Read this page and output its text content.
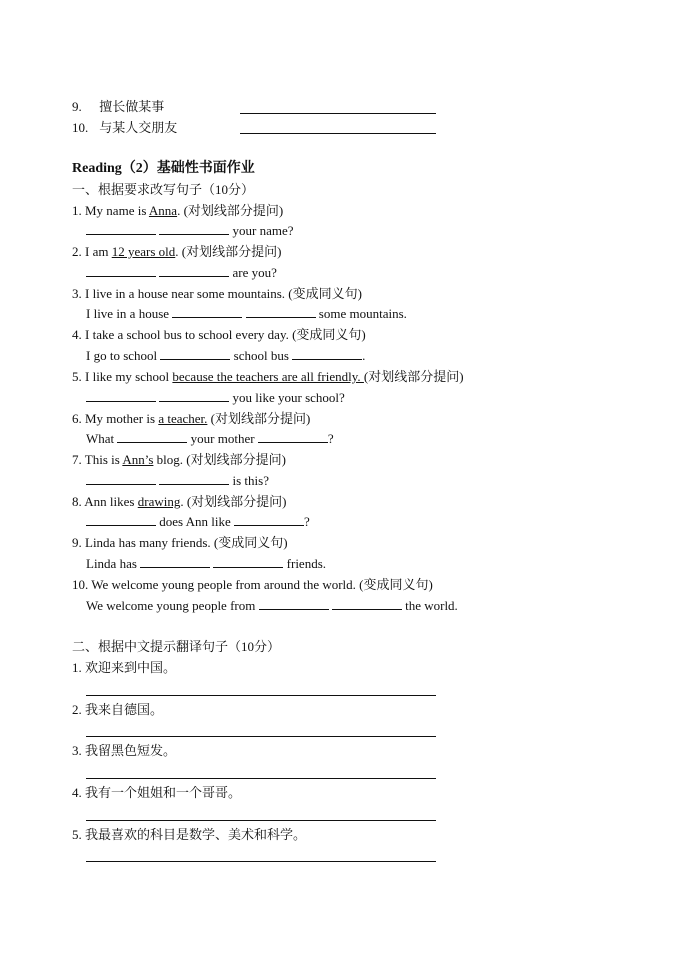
9. 擅长做某事
10. 与某人交朋友
Reading（2）基础性书面作业
一、根据要求改写句子（10分）
1. My name is Anna. (对划线部分提问)
your name?
2. I am 12 years old. (对划线部分提问)
are you?
3. I live in a house near some mountains. (变成同义句)
I live in a house	some mountains.
4. I take a school bus to school every day. (变成同义句)
I go to school	school bus	.
5. I like my school because the teachers are all friendly. (对划线部分提问)
you like your school?
6. My mother is a teacher. (对划线部分提问)
What	your mother	?
7. This is Ann’s blog. (对划线部分提问)
is this?
8. Ann likes drawing. (对划线部分提问)
does Ann like	?
9. Linda has many friends. (变成同义句)
Linda has	friends.
10. We welcome young people from around the world. (变成同义句)
We welcome young people from	the world.
二、根据中文提示翻译句子（10分）
1. 欢迎来到中国。
2. 我来自德国。
3. 我留黑色短发。
4. 我有一个姐姐和一个哥哥。
5. 我最喜欢的科目是数学、美术和科学。
